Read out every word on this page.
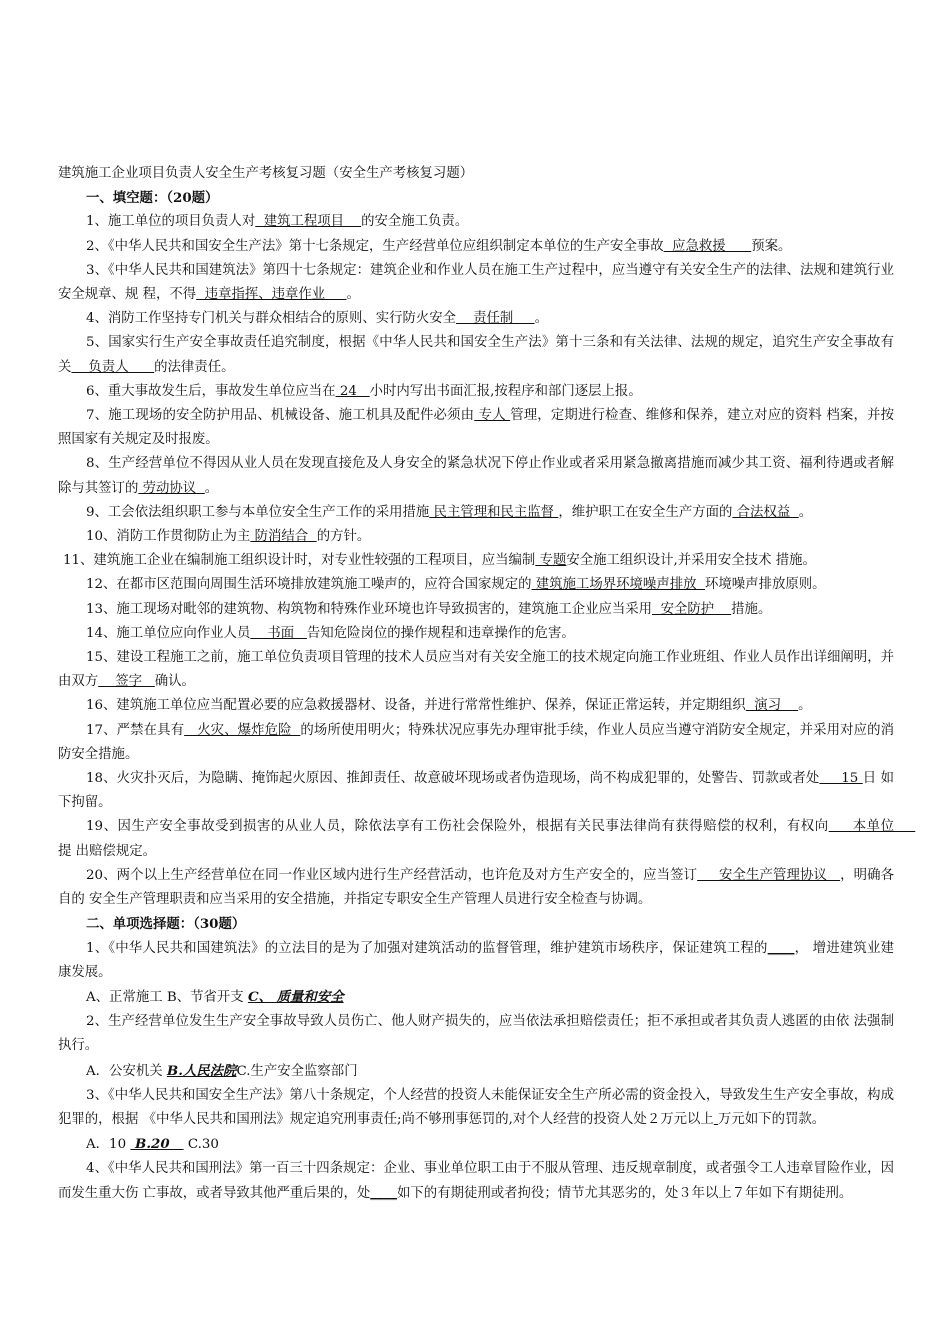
建筑施工企业项目负责人安全生产考核复习题（安全生产考核复习题）

一、填空题：（20题）

1、施工单位的项目负责人对  建筑工程项目    的安全施工负责。

2、《中华人民共和国安全生产法》第十七条规定，生产经营单位应组织制定本单位的生产安全事故  应急救援      预案。

3、《中华人民共和国建筑法》第四十七条规定：建筑企业和作业人员在施工生产过程中，应当遵守有关安全生产的法律、法规和建筑行业安全规章、规 程，不得  违章指挥、违章作业     。

4、消防工作坚持专门机关与群众相结合的原则、实行防火安全    责任制     。

5、国家实行生产安全事故责任追究制度，根据《中华人民共和国安全生产法》第十三条和有关法律、法规的规定，追究生产安全事故有关    负责人      的法律责任。

6、重大事故发生后，事故发生单位应当在 24   小时内写出书面汇报,按程序和部门逐层上报。

7、施工现场的安全防护用品、机械设备、施工机具及配件必须由 专人 管理，定期进行检查、维修和保养，建立对应的资料 档案，并按照国家有关规定及时报废。

8、生产经营单位不得因从业人员在发现直接危及人身安全的紧急状况下停止作业或者采用紧急撤离措施而减少其工资、福利待遇或者解除与其签订的 劳动协议  。

9、工会依法组织职工参与本单位安全生产工作的采用措施 民主管理和民主监督 ，维护职工在安全生产方面的 合法权益  。

10、消防工作贯彻防止为主 防消结合  的方针。

11、建筑施工企业在编制施工组织设计时，对专业性较强的工程项目，应当编制 专题安全施工组织设计,并采用安全技术 措施。

12、在都市区范围向周围生活环境排放建筑施工噪声的，应符合国家规定的 建筑施工场界环境噪声排放  环境噪声排放原则。

13、施工现场对毗邻的建筑物、构筑物和特殊作业环境也许导致损害的，建筑施工企业应当采用  安全防护    措施。

14、施工单位应向作业人员    书面   告知危险岗位的操作规程和违章操作的危害。

15、建设工程施工之前，施工单位负责项目管理的技术人员应当对有关安全施工的技术规定向施工作业班组、作业人员作出详细阐明，并由双方    签字   确认。

16、建筑施工单位应当配置必要的应急救援器材、设备，并进行常常性维护、保养，保证正常运转，并定期组织  演习    。

17、严禁在具有   火灾、爆炸危险  的场所使用明火；特殊状况应事先办理审批手续，作业人员应当遵守消防安全规定，并采用对应的消 防安全措施。

18、火灾扑灭后，为隐瞒、掩饰起火原因、推卸责任、故意破坏现场或者伪造现场，尚不构成犯罪的，处警告、罚款或者处     15 日 如下拘留。

19、因生产安全事故受到损害的从业人员，除依法享有工伤社会保险外，根据有关民事法律尚有获得赔偿的权利，有权向     本单位     提 出赔偿规定。

20、两个以上生产经营单位在同一作业区域内进行生产经营活动，也许危及对方生产安全的，应当签订     安全生产管理协议   ，明确各自的 安全生产管理职责和应当采用的安全措施，并指定专职安全生产管理人员进行安全检查与协调。

二、单项选择题：（30题）

1、《中华人民共和国建筑法》的立法目的是为了加强对建筑活动的监督管理，维护建筑市场秩序，保证建筑工程的____， 增进建筑业建康发展。

A、正常施工 B、节省开支 C、 质量和安全

2、生产经营单位发生生产安全事故导致人员伤亡、他人财产损失的，应当依法承担赔偿责任；拒不承担或者其负责人逃匿的由依 法强制执行。

A．公安机关 B.人民法院C.生产安全监察部门

3、《中华人民共和国安全生产法》第八十条规定，个人经营的投资人未能保证安全生产所必需的资金投入，导致发生生产安全事故，构成犯罪的，根据 《中华人民共和国刑法》规定追究刑事责任;尚不够刑事惩罚的,对个人经营的投资人处２万元以上 万元如下的罚款。

A．10  B.20    C.30

4、《中华人民共和国刑法》第一百三十四条规定：企业、事业单位职工由于不服从管理、违反规章制度，或者强令工人违章冒险作业，因而发生重大伤 亡事故，或者导致其他严重后果的，处____如下的有期徒刑或者拘役；情节尤其恶劣的，处３年以上７年如下有期徒刑。
